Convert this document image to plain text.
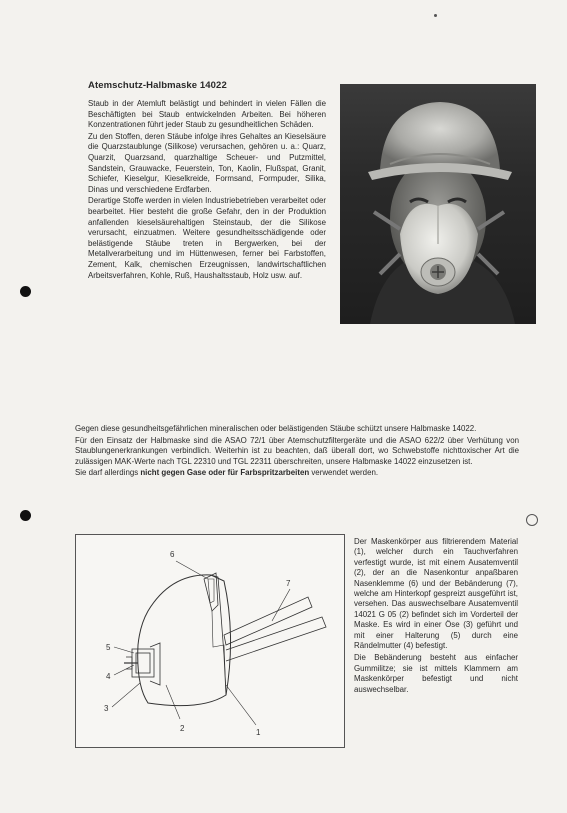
Atemschutz-Halbmaske 14022

Staub in der Atemluft belästigt und behindert in vielen Fällen die Beschäftigten bei Staub entwickelnden Arbeiten. Bei höheren Konzentrationen führt jeder Staub zu gesundheitlichen Schäden.

Zu den Stoffen, deren Stäube infolge ihres Gehaltes an Kieselsäure die Quarzstaublunge (Silikose) verursachen, gehören u. a.: Quarz, Quarzit, Quarzsand, quarzhaltige Scheuer- und Putzmittel, Sandstein, Grauwacke, Feuerstein, Ton, Kaolin, Flußspat, Granit, Schiefer, Kieselgur, Kieselkreide, Formsand, Formpuder, Silika, Dinas und verschiedene Erdfarben.

Derartige Stoffe werden in vielen Industriebetrieben verarbeitet oder bearbeitet. Hier besteht die große Gefahr, den in der Produktion anfallenden kieselsäurehaltigen Steinstaub, der die Silikose verursacht, einzuatmen. Weitere gesundheitsschädigende oder belästigende Stäube treten in Bergwerken, bei der Metallverarbeitung und im Hüttenwesen, ferner bei Farbstoffen, Zement, Kalk, chemischen Erzeugnissen, landwirtschaftlichen Arbeitsverfahren, Kohle, Ruß, Haushaltsstaub, Holz usw. auf.

Gegen diese gesundheitsgefährlichen mineralischen oder belästigenden Stäube schützt unsere Halbmaske 14022.

Für den Einsatz der Halbmaske sind die ASAO 72/1 über Atemschutzfiltergeräte und die ASAO 622/2 über Verhütung von Staublungenerkrankungen verbindlich. Weiterhin ist zu beachten, daß überall dort, wo Schwebstoffe nichttoxischer Art die zulässigen MAK-Werte nach TGL 22310 und TGL 22311 überschreiten, unsere Halbmaske 14022 einzusetzen ist.

Sie darf allerdings nicht gegen Gase oder für Farbspritzarbeiten verwendet werden.

6
7
5
4
3
2	1

Der Maskenkörper aus filtrierendem Material (1), welcher durch ein Tauchverfahren verfestigt wurde, ist mit einem Ausatemventil (2), der an die Nasenkontur anpaßbaren Nasenklemme (6) und der Bebänderung (7), welche am Hinterkopf gespreizt ausgeführt ist, versehen. Das auswechselbare Ausatemventil 14021 G 05 (2) befindet sich im Vorderteil der Maske. Es wird in einer Öse (3) geführt und mit einer Halterung (5) durch eine Rändelmutter (4) befestigt.

Die Bebänderung besteht aus einfacher Gummilitze; sie ist mittels Klammern am Maskenkörper befestigt und nicht auswechselbar.
